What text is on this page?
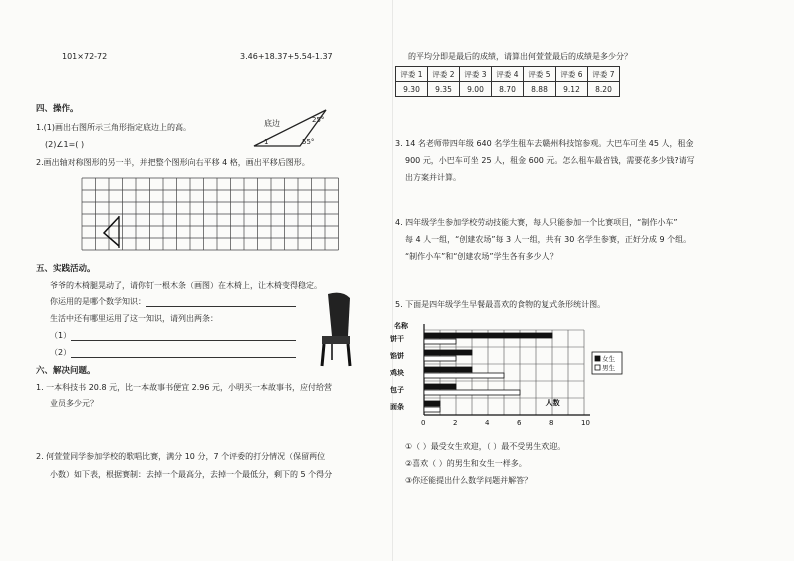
101×72-72	3.46+18.37+5.54-1.37
四、操作。
1.(1)画出右图所示三角形指定底边上的高。
(2)∠1=( )
底边	25°
55°
1
2.画出轴对称图形的另一半，并把整个图形向右平移 4 格，画出平移后图形。
五、实践活动。
爷爷的木椅腿晃动了，请你钉一根木条（画图）在木椅上，让木椅变得稳定。
你运用的是哪个数学知识：
生活中还有哪里运用了这一知识，请列出两条：
（1）
（2）
六、解决问题。
1. 一本科技书 20.8 元，比一本故事书便宜 2.96 元，小明买一本故事书，应付给营
业员多少元？
2. 何萱萱同学参加学校的歌唱比赛，满分 10 分，7 个评委的打分情况（保留两位
小数）如下表，根据赛制：去掉一个最高分，去掉一个最低分，剩下的 5 个得分
的平均分即是最后的成绩，请算出何萱萱最后的成绩是多少分？
评委 1	评委 2	评委 3	评委 4	评委 5	评委 6	评委 7
9.30	9.35	9.00	8.70	8.88	9.12	8.20
3. 14 名老师带四年级 640 名学生租车去赣州科技馆参观。大巴车可坐 45 人，租金
900 元，小巴车可坐 25 人，租金 600 元。怎么租车最省钱，需要花多少钱?请写
出方案并计算。
4. 四年级学生参加学校劳动技能大赛，每人只能参加一个比赛项目，“制作小车”
每 4 人一组，“创建农场”每 3 人一组，共有 30 名学生参赛，正好分成 9 个组。
“制作小车”和“创建农场”学生各有多少人？
5. 下面是四年级学生早餐最喜欢的食物的复式条形统计图。
名称
人数
饼干
馅饼
鸡块
包子
面条
0	2	4	6	8	10
女生
男生
①（ ）最受女生欢迎，（ ）最不受男生欢迎。
②喜欢（ ）的男生和女生一样多。
③你还能提出什么数学问题并解答？
